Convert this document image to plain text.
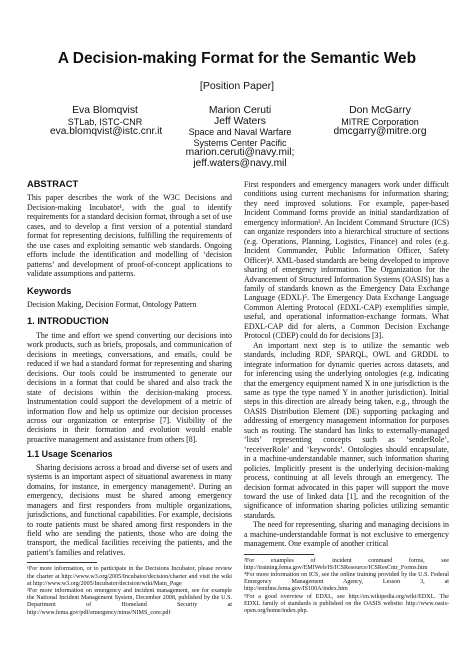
A Decision-making Format for the Semantic Web
[Position Paper]
Eva Blomqvist
STLab, ISTC-CNR
eva.blomqvist@istc.cnr.it
Marion Ceruti
Jeff Waters
Space and Naval Warfare
Systems Center Pacific
marion.ceruti@navy.mil;
jeff.waters@navy.mil
Don McGarry
MITRE Corporation
dmcgarry@mitre.org
ABSTRACT

This paper describes the work of the W3C Decisions and Decision-making Incubator¹, with the goal to identify requirements for a standard decision format, through a set of use cases, and to develop a first version of a potential standard format for representing decisions, fulfilling the requirements of the use cases and exploiting semantic web standards. Ongoing efforts include the identification and modelling of ‘decision patterns’ and development of proof-of-concept applications to validate assumptions and patterns.

Keywords

Decision Making, Decision Format, Ontology Pattern

1. INTRODUCTION

The time and effort we spend converting our decisions into work products, such as briefs, proposals, and communication of decisions in meetings, conversations, and emails, could be reduced if we had a standard format for representing and sharing decisions. Our tools could be instrumented to generate our decisions in a format that could be shared and also track the state of decisions within the decision-making process. Instrumentation could support the development of a metric of information flow and help us optimize our decision processes across our organization or enterprise [7]. Visibility of the decisions in their formation and evolution would enable proactive management and assistance from others [8].

1.1 Usage Scenarios

Sharing decisions across a broad and diverse set of users and systems is an important aspect of situational awareness in many domains, for instance, in emergency management². During an emergency, decisions must be shared among emergency managers and first responders from multiple organizations, jurisdictions, and functional capabilities. For example, decisions to route patients must be shared among first responders in the field who are sending the patients, those who are doing the transport, the medical facilities receiving the patients, and the patient’s families and relatives.

¹For more information, or to participate in the Decisions Incubator, please review the charter at http://www.w3.org/2005/Incubator/decision/charter and visit the wiki at http://www.w3.org/2005/Incubator/decision/wiki/Main_Page

²For more information on emergency and incident management, see for example the National Incident Management System, December 2008, published by the U.S. Department of Homeland Security at http://www.fema.gov/pdf/emergency/nims/NIMS_core.pdf

First responders and emergency managers work under difficult conditions using current mechanisms for information sharing; they need improved solutions. For example, paper-based Incident Command forms provide an initial standardization of emergency information³. An Incident Command Structure (ICS) can organize responders into a hierarchical structure of sections (e.g. Operations, Planning, Logistics, Finance) and roles (e.g. Incident Commander, Public Information Officer, Safety Officer)⁴. XML-based standards are being developed to improve sharing of emergency information. The Organization for the Advancement of Structured Information Systems (OASIS) has a family of standards known as the Emergency Data Exchange Language (EDXL)⁵. The Emergency Data Exchange Language Common Alerting Protocol (EDXL-CAP) exemplifies simple, useful, and operational information-exchange formats. What EDXL-CAP did for alerts, a Common Decision Exchange Protocol (CDEP) could do for decisions [3].

An important next step is to utilize the semantic web standards, including RDF, SPARQL, OWL and GRDDL to integrate information for dynamic queries across datasets, and for inferencing using the underlying ontologies (e.g. indicating that the emergency equipment named X in one jurisdiction is the same as type the type named Y in another jurisdiction). Initial steps in this direction are already being taken, e.g., through the OASIS Distribution Element (DE) supporting packaging and addressing of emergency management information for purposes such as routing. The standard has links to externally-managed ‘lists’ representing concepts such as ‘senderRole’, ‘receiverRole’ and ‘keywords’. Ontologies should encapsulate, in a machine-understandable manner, such information sharing policies. Implicitly present is the underlying decision-making process, continuing at all levels through an emergency. The decision format advocated in this paper will support the move toward the use of linked data [1], and the recognition of the significance of information sharing policies utilizing semantic standards.

The need for representing, sharing and managing decisions in a machine-understandable format is not exclusive to emergency management. One example of another critical

³For examples of incident command forms, see http://training.fema.gov/EMIWeb/IS/ICSResource/ICSResCntr_Forms.htm

⁴For more information on ICS, see the online training provided by the U.S. Federal Emergency Management Agency, Lesson 3, at http://emilms.fema.gov/IS100A/index.htm

⁵For a good overview of EDXL, see http://en.wikipedia.org/wiki/EDXL. The EDXL family of standards is published on the OASIS website: http://www.oasis-open.org/home/index.php.
